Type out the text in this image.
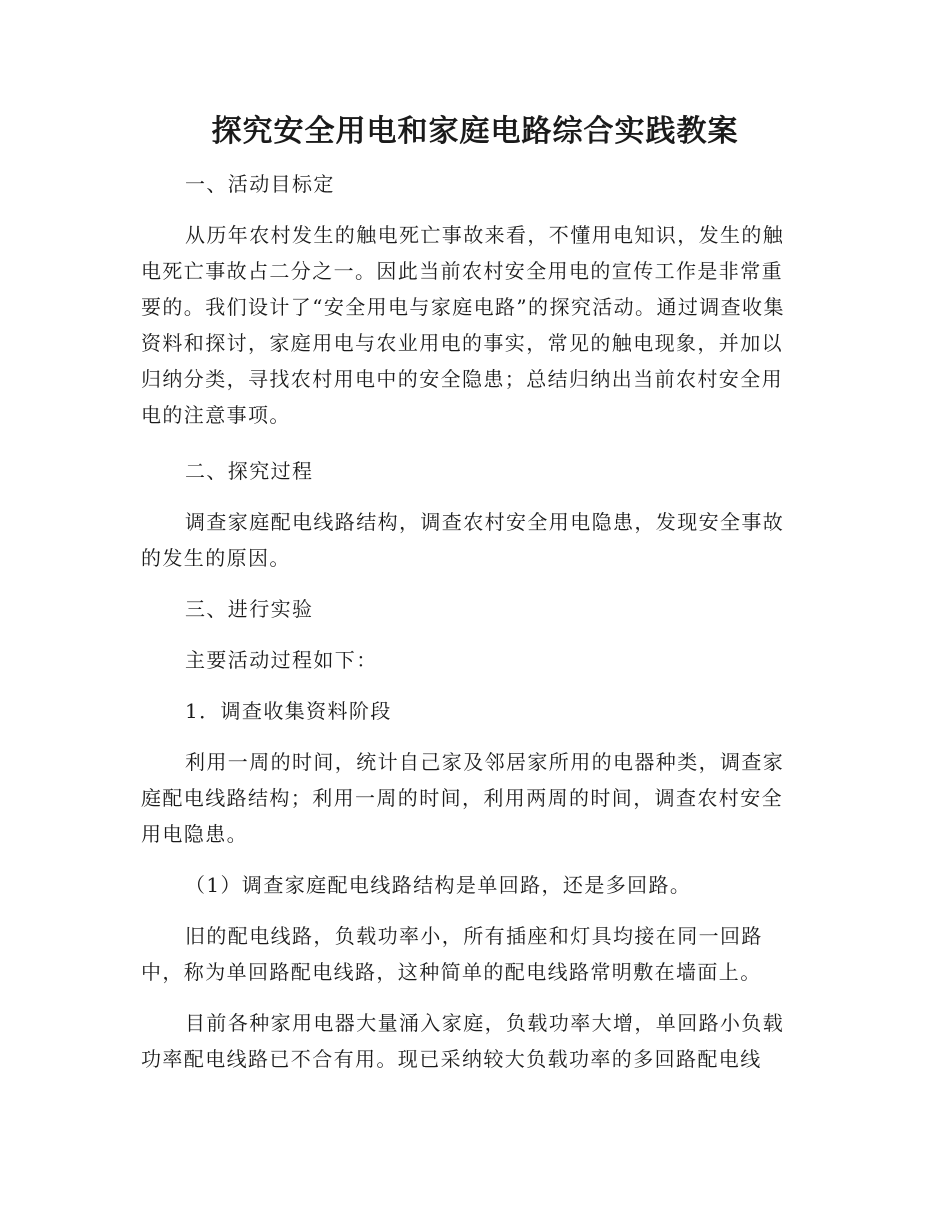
探究安全用电和家庭电路综合实践教案

一、活动目标定

从历年农村发生的触电死亡事故来看，不懂用电知识，发生的触电死亡事故占二分之一。因此当前农村安全用电的宣传工作是非常重要的。我们设计了“安全用电与家庭电路”的探究活动。通过调查收集资料和探讨，家庭用电与农业用电的事实，常见的触电现象，并加以归纳分类，寻找农村用电中的安全隐患；总结归纳出当前农村安全用电的注意事项。

二、探究过程

调查家庭配电线路结构，调查农村安全用电隐患，发现安全事故的发生的原因。

三、进行实验

主要活动过程如下：

1．调查收集资料阶段

利用一周的时间，统计自己家及邻居家所用的电器种类，调查家庭配电线路结构；利用一周的时间，利用两周的时间，调查农村安全用电隐患。

（1）调查家庭配电线路结构是单回路，还是多回路。

旧的配电线路，负载功率小，所有插座和灯具均接在同一回路中，称为单回路配电线路，这种简单的配电线路常明敷在墙面上。

目前各种家用电器大量涌入家庭，负载功率大增，单回路小负载功率配电线路已不合有用。现已采纳较大负载功率的多回路配电线
